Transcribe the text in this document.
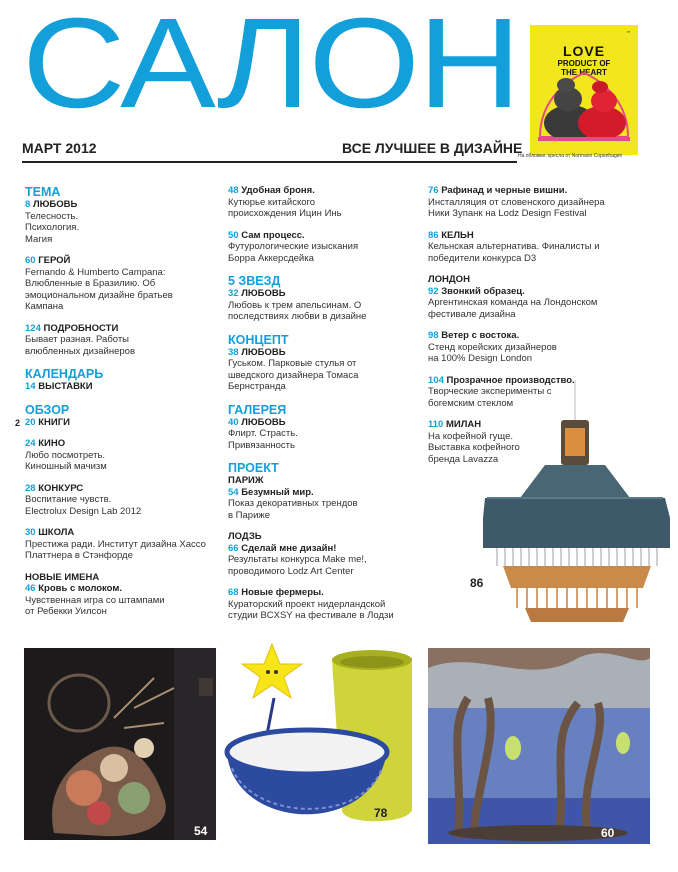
САЛОН	▪▪
LOVE
PRODUCT OF
THE HEART
На обложке: кресла от Normann Copenhagen
МАРТ 2012	ВСЕ ЛУЧШЕЕ В ДИЗАЙНЕ
2
ТЕМА
8 ЛЮБОВЬ
Телесность. Психология. Магия
60 ГЕРОЙ
Fernando & Humberto Campana: Влюбленные в Бразилию. Об эмоциональном дизайне братьев Кампана
124 ПОДРОБНОСТИ
Бывает разная. Работы влюбленных дизайнеров
КАЛЕНДАРЬ
14 ВЫСТАВКИ
ОБЗОР
20 КНИГИ
24 КИНО
Любо посмотреть. Киношный мачизм
28 КОНКУРС
Воспитание чувств. Electrolux Design Lab 2012
30 ШКОЛА
Престижа ради. Институт дизайна Хассо Платтнера в Стэнфорде
НОВЫЕ ИМЕНА
46 Кровь с молоком.
Чувственная игра со штампами от Ребекки Уилсон
48 Удобная броня.
Кутюрье китайского происхождения Ицин Инь
50 Сам процесс.
Футурологические изыскания Борра Аккерсдейка
5 ЗВЕЗД
32 ЛЮБОВЬ
Любовь к трем апельсинам. О последствиях любви в дизайне
КОНЦЕПТ
38 ЛЮБОВЬ
Гуськом. Парковые стулья от шведского дизайнера Томаса Бернстранда
ГАЛЕРЕЯ
40 ЛЮБОВЬ
Флирт. Страсть. Привязанность
ПРОЕКТ
ПАРИЖ
54 Безумный мир.
Показ декоративных трендов в Париже
ЛОДЗЬ
66 Сделай мне дизайн!
Результаты конкурса Make me!, проводимого Lodz Art Center
68 Новые фермеры.
Кураторский проект нидерландской студии BCXSY на фестивале в Лодзи
76 Рафинад и черные вишни.
Инсталляция от словенского дизайнера Ники Зупанк на Lodz Design Festival
86 КЕЛЬН
Кельнская альтернатива. Финалисты и победители конкурса D3
ЛОНДОН
92 Звонкий образец.
Аргентинская команда на Лондонском фестивале дизайна
98 Ветер с востока.
Стенд корейских дизайнеров на 100% Design London
104 Прозрачное производство.
Творческие эксперименты с богемским стеклом
110 МИЛАН
На кофейной гуще. Выставка кофейного бренда Lavazza
86
54
78
60
